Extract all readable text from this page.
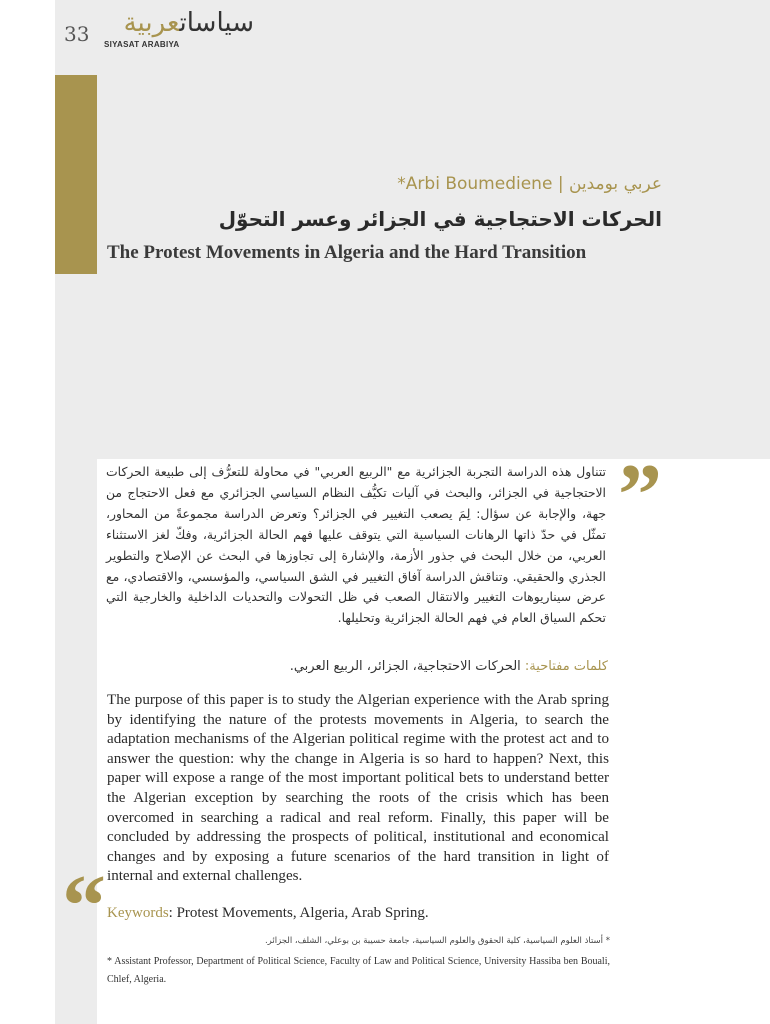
33	سياساتعربية
SIYASAT ARABIYA
عربي بومدين | Arbi Boumediene*
الحركات الاحتجاجية في الجزائر وعسر التحوّل
The Protest Movements in Algeria and the Hard Transition
”
“

تتناول هذه الدراسة التجربة الجزائرية مع "الربيع العربي" في محاولة للتعرُّف إلى طبيعة الحركات الاحتجاجية في الجزائر، والبحث في آليات تكيُّف النظام السياسي الجزائري مع فعل الاحتجاج من جهة، والإجابة عن سؤال: لِمَ يصعب التغيير في الجزائر؟ وتعرض الدراسة مجموعةً من المحاور، تمثّل في حدّ ذاتها الرهانات السياسية التي يتوقف عليها فهم الحالة الجزائرية، وفكّ لغز الاستثناء العربي، من خلال البحث في جذور الأزمة، والإشارة إلى تجاوزها في البحث عن الإصلاح والتطوير الجذري والحقيقي. وتناقش الدراسة آفاق التغيير في الشق السياسي، والمؤسسي، والاقتصادي، مع عرض سيناريوهات التغيير والانتقال الصعب في ظل التحولات والتحديات الداخلية والخارجية التي تحكم السياق العام في فهم الحالة الجزائرية وتحليلها.

كلمات مفتاحية: الحركات الاحتجاجية، الجزائر، الربيع العربي.

The purpose of this paper is to study the Algerian experience with the Arab spring by identifying the nature of the protests movements in Algeria, to search the adaptation mechanisms of the Algerian political regime with the protest act and to answer the question: why the change in Algeria is so hard to happen? Next, this paper will expose a range of the most important political bets to understand better the Algerian exception by searching the roots of the crisis which has been overcomed in searching a radical and real reform. Finally, this paper will be concluded by addressing the prospects of political, institutional and economical changes and by exposing a future scenarios of the hard transition in light of internal and external challenges.

Keywords: Protest Movements, Algeria, Arab Spring.
* أستاذ العلوم السياسية، كلية الحقوق والعلوم السياسية، جامعة حسيبة بن بوعلي، الشلف، الجزائر.
* Assistant Professor, Department of Political Science, Faculty of Law and Political Science, University Hassiba ben Bouali, Chlef, Algeria.
